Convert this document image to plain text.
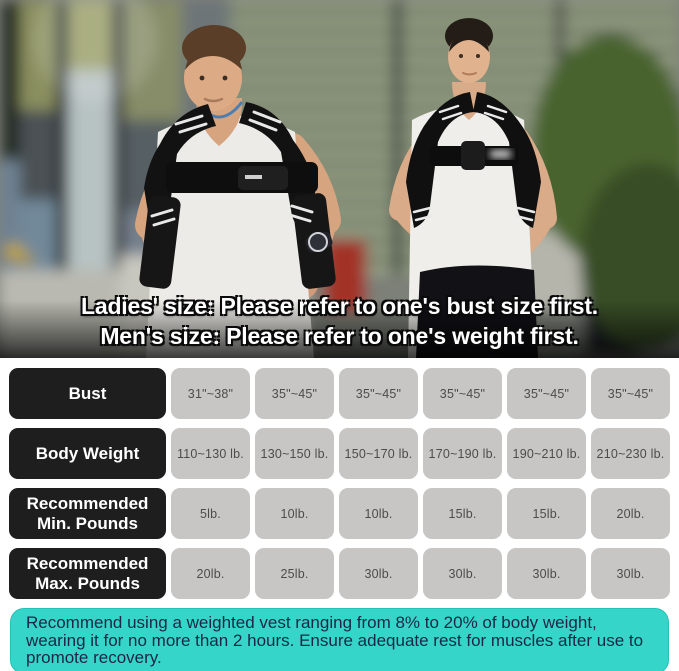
Ladies' size: Please refer to one's bust size first.
Men's size: Please refer to one's weight first.
Bust	31"~38"	35"~45"	35"~45"	35"~45"	35"~45"	35"~45"
Body Weight	110~130 lb.	130~150 lb.	150~170 lb.	170~190 lb.	190~210 lb.	210~230 lb.
Recommended Min. Pounds	5lb.	10lb.	10lb.	15lb.	15lb.	20lb.
Recommended Max. Pounds	20lb.	25lb.	30lb.	30lb.	30lb.	30lb.

Recommend using a weighted vest ranging from 8% to 20% of body weight, wearing it for no more than 2 hours. Ensure adequate rest for muscles after use to promote recovery.
